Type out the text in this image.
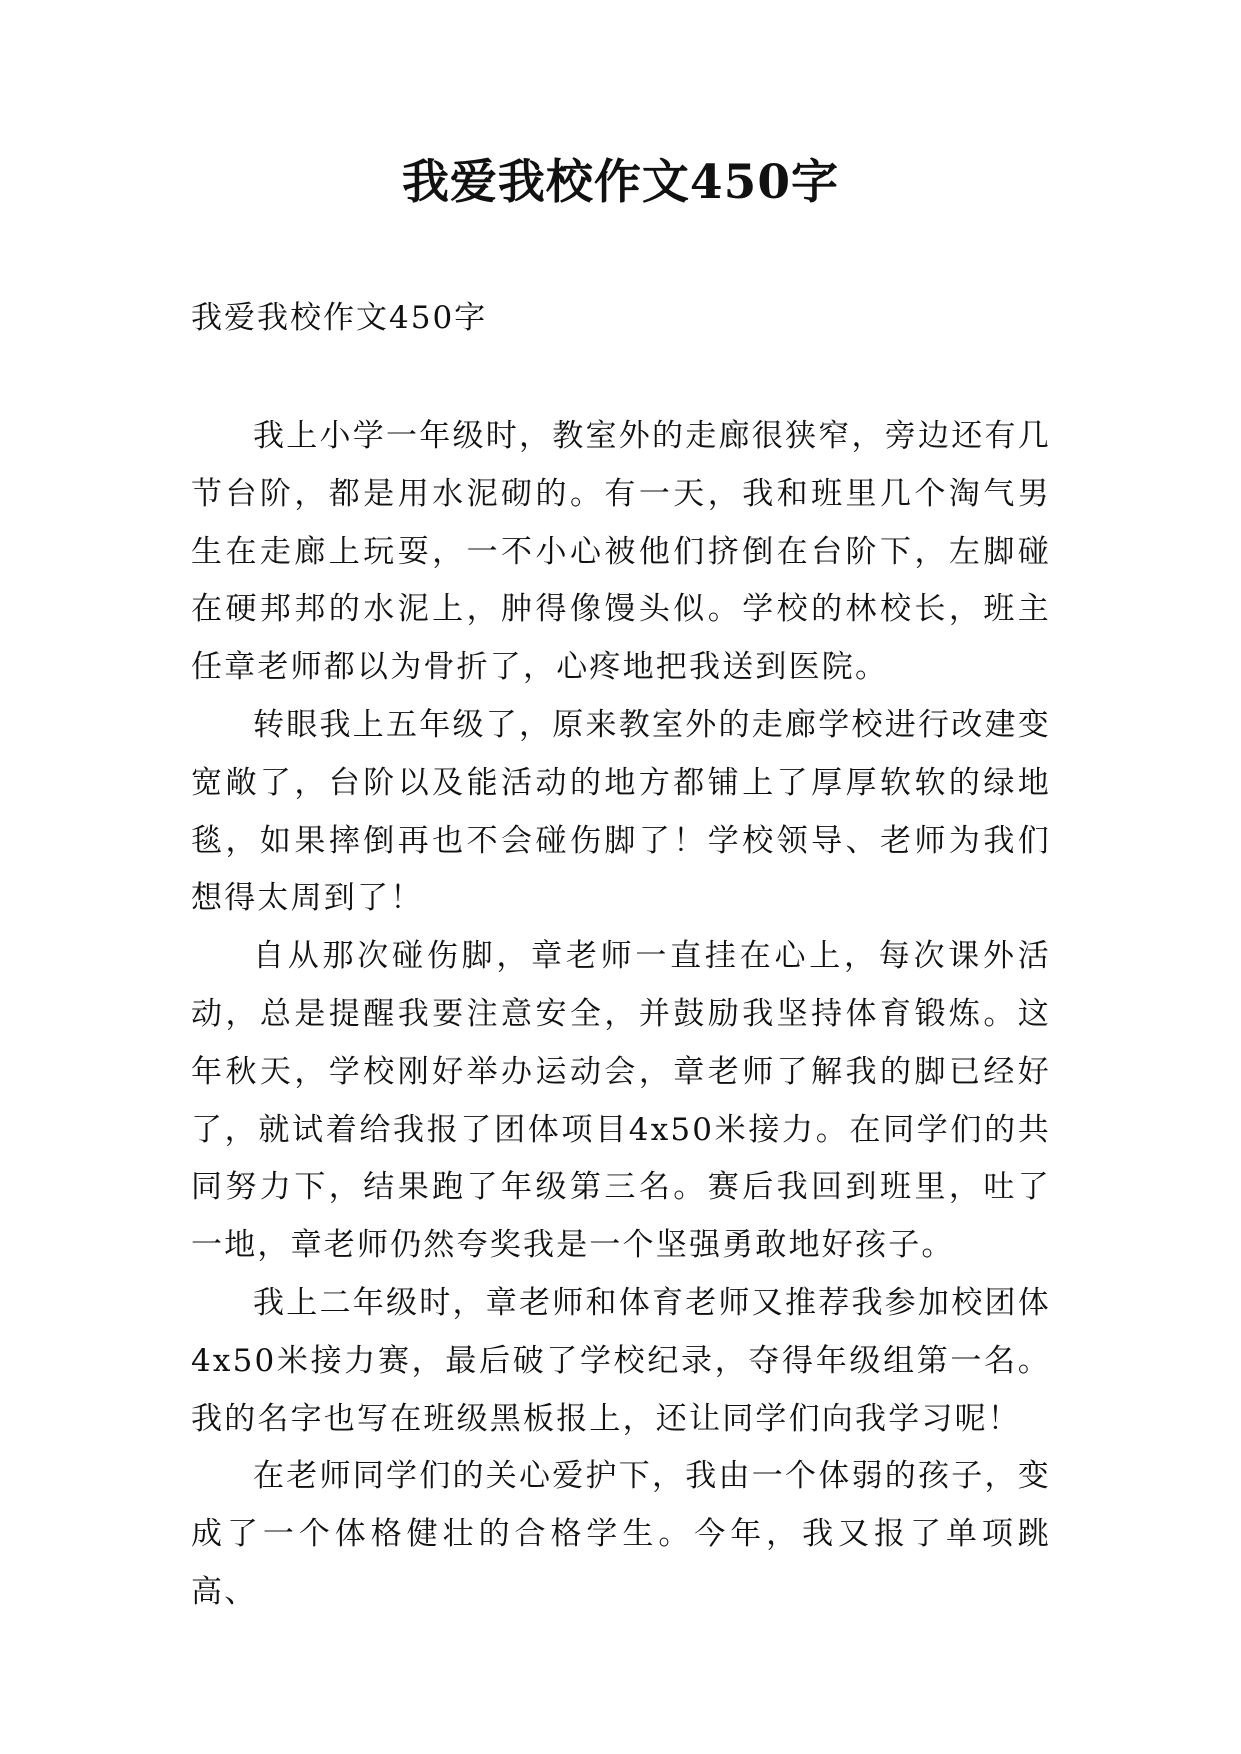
我爱我校作文450字

我爱我校作文450字

我上小学一年级时，教室外的走廊很狭窄，旁边还有几节台阶，都是用水泥砌的。有一天，我和班里几个淘气男生在走廊上玩耍，一不小心被他们挤倒在台阶下，左脚碰在硬邦邦的水泥上，肿得像馒头似。学校的林校长，班主任章老师都以为骨折了，心疼地把我送到医院。

转眼我上五年级了，原来教室外的走廊学校进行改建变宽敞了，台阶以及能活动的地方都铺上了厚厚软软的绿地毯，如果摔倒再也不会碰伤脚了！学校领导、老师为我们想得太周到了！

自从那次碰伤脚，章老师一直挂在心上，每次课外活动，总是提醒我要注意安全，并鼓励我坚持体育锻炼。这年秋天，学校刚好举办运动会，章老师了解我的脚已经好了，就试着给我报了团体项目4x50米接力。在同学们的共同努力下，结果跑了年级第三名。赛后我回到班里，吐了一地，章老师仍然夸奖我是一个坚强勇敢地好孩子。

我上二年级时，章老师和体育老师又推荐我参加校团体4x50米接力赛，最后破了学校纪录，夺得年级组第一名。我的名字也写在班级黑板报上，还让同学们向我学习呢！

在老师同学们的关心爱护下，我由一个体弱的孩子，变成了一个体格健壮的合格学生。今年，我又报了单项跳高、
